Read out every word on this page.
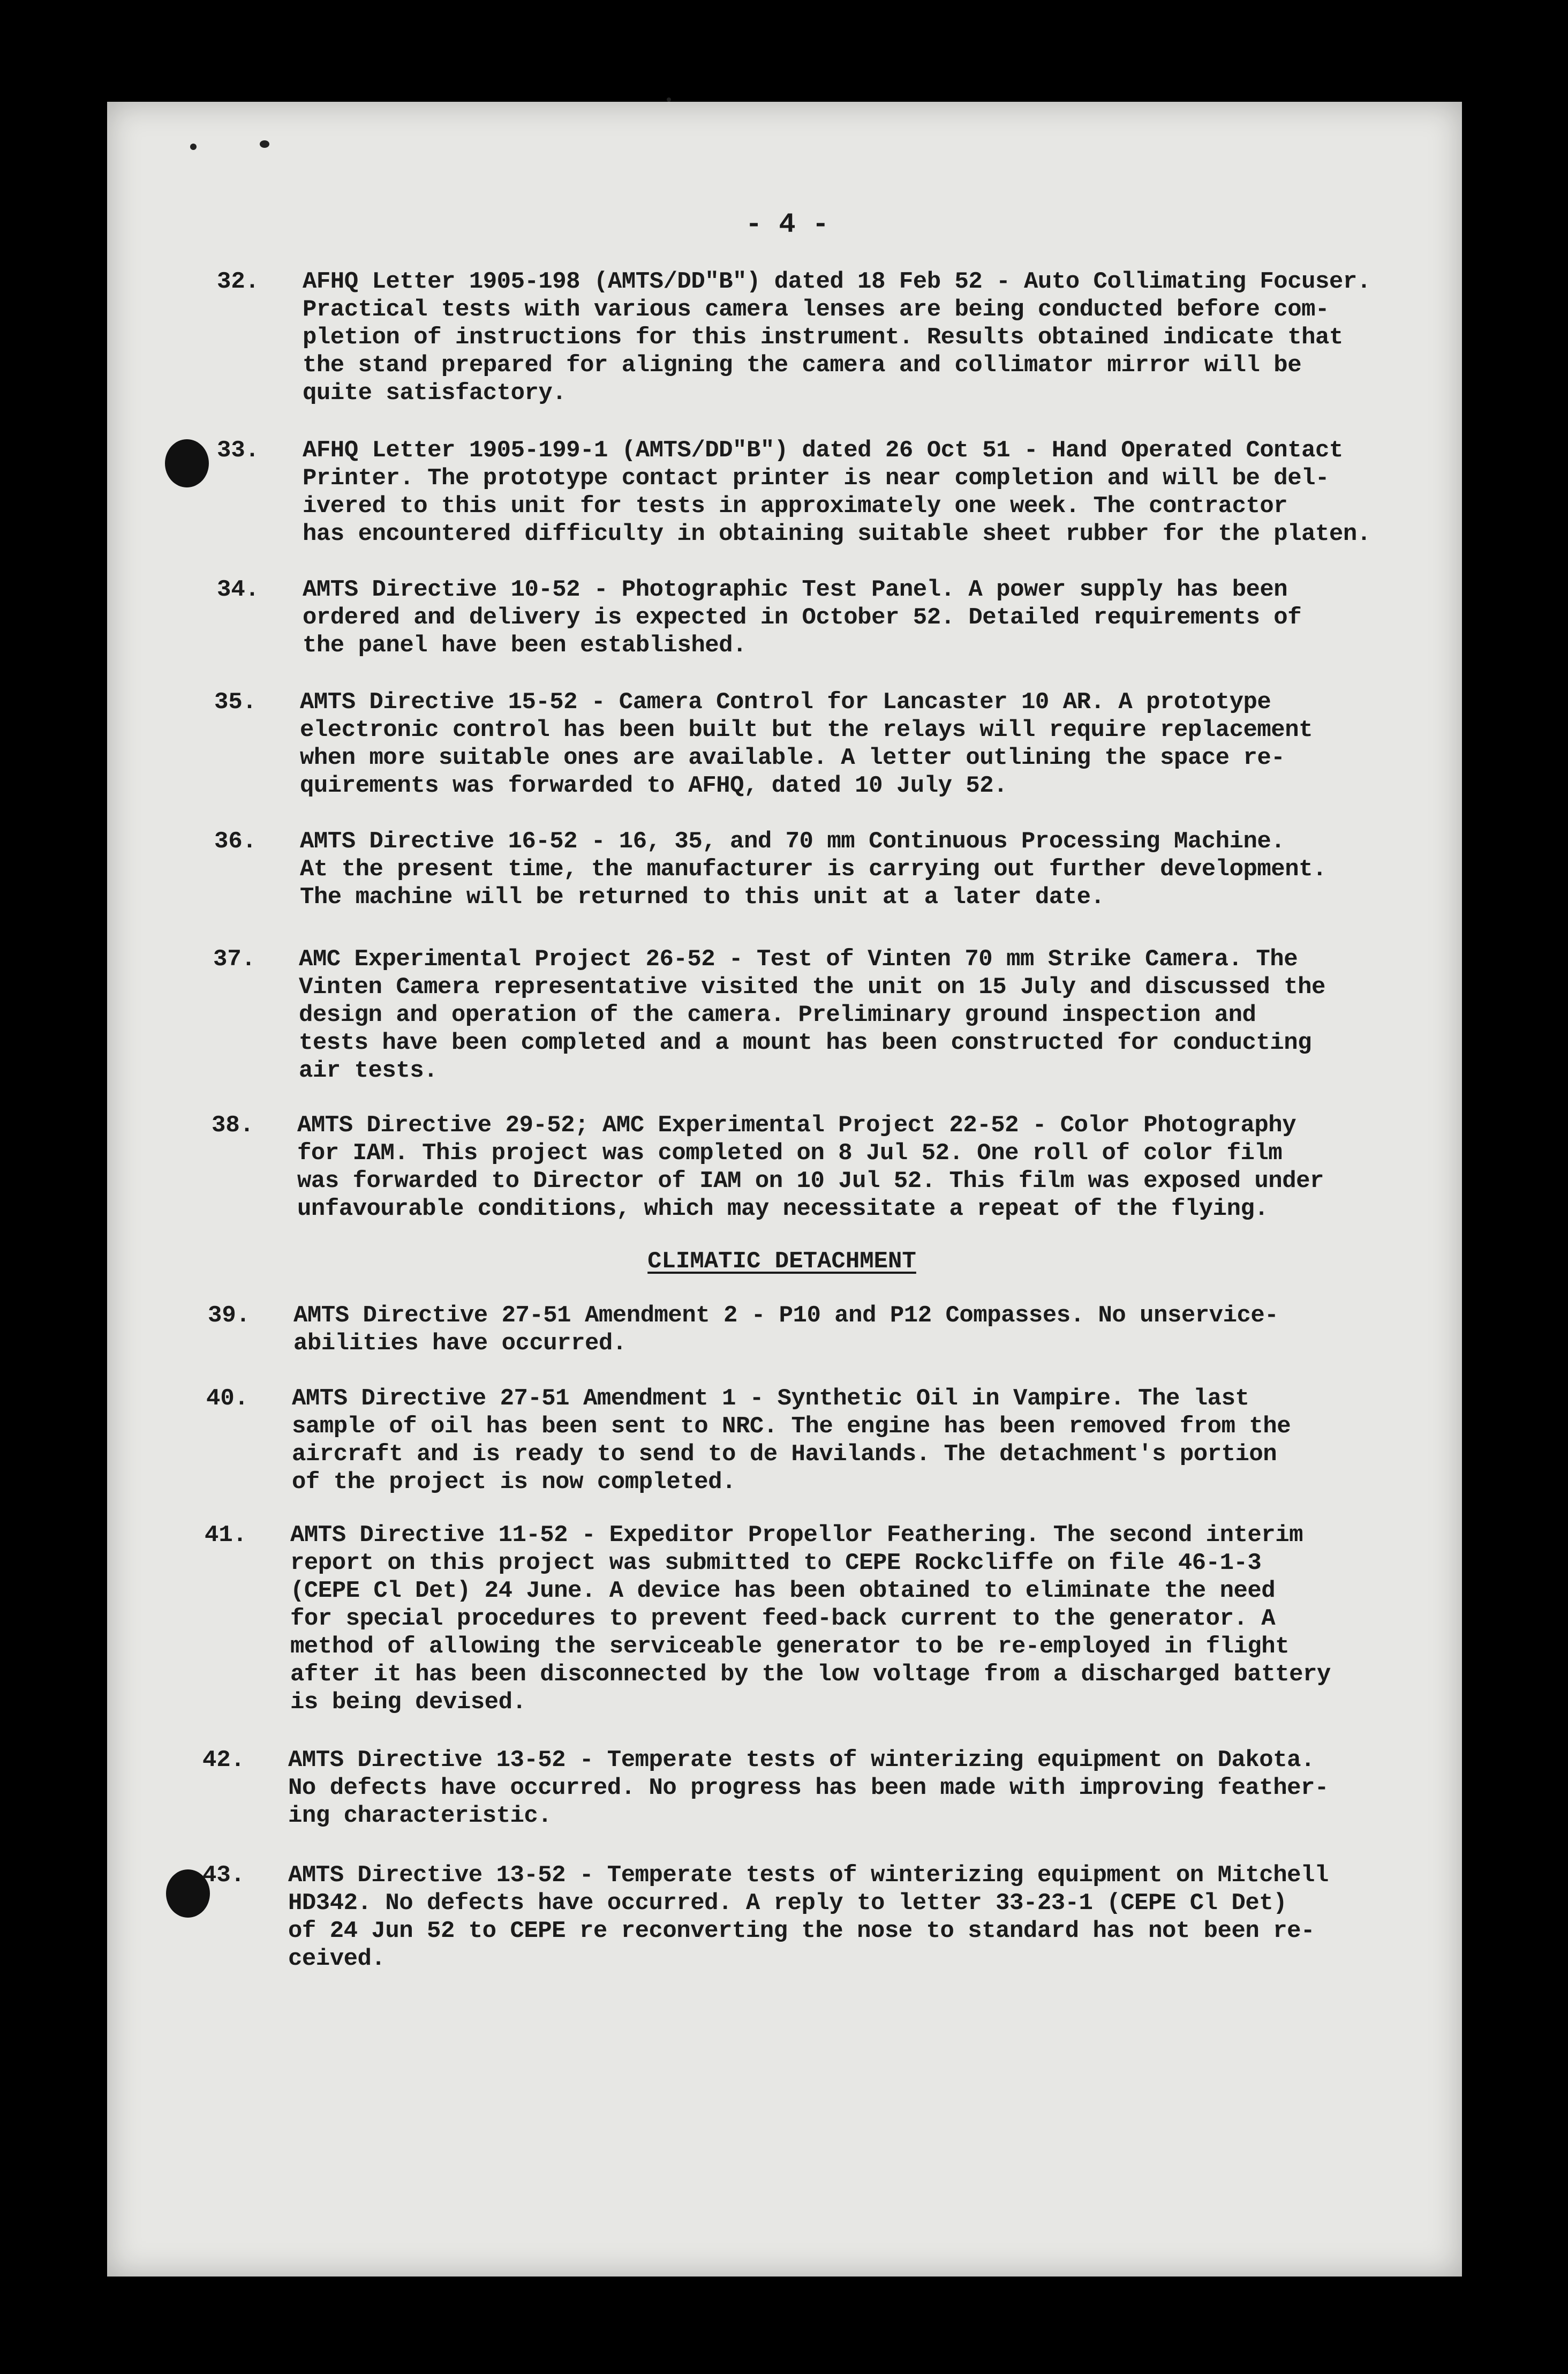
- 4 -
32.	AFHQ Letter 1905-198 (AMTS/DD"B") dated 18 Feb 52 - Auto Collimating Focuser.
Practical tests with various camera lenses are being conducted before com-
pletion of instructions for this instrument. Results obtained indicate that
the stand prepared for aligning the camera and collimator mirror will be
quite satisfactory.
33.	AFHQ Letter 1905-199-1 (AMTS/DD"B") dated 26 Oct 51 - Hand Operated Contact
Printer. The prototype contact printer is near completion and will be del-
ivered to this unit for tests in approximately one week. The contractor
has encountered difficulty in obtaining suitable sheet rubber for the platen.
34.	AMTS Directive 10-52 - Photographic Test Panel. A power supply has been
ordered and delivery is expected in October 52. Detailed requirements of
the panel have been established.
35.	AMTS Directive 15-52 - Camera Control for Lancaster 10 AR. A prototype
electronic control has been built but the relays will require replacement
when more suitable ones are available. A letter outlining the space re-
quirements was forwarded to AFHQ, dated 10 July 52.
36.	AMTS Directive 16-52 - 16, 35, and 70 mm Continuous Processing Machine.
At the present time, the manufacturer is carrying out further development.
The machine will be returned to this unit at a later date.
37.	AMC Experimental Project 26-52 - Test of Vinten 70 mm Strike Camera. The
Vinten Camera representative visited the unit on 15 July and discussed the
design and operation of the camera. Preliminary ground inspection and
tests have been completed and a mount has been constructed for conducting
air tests.
38.	AMTS Directive 29-52; AMC Experimental Project 22-52 - Color Photography
for IAM. This project was completed on 8 Jul 52. One roll of color film
was forwarded to Director of IAM on 10 Jul 52. This film was exposed under
unfavourable conditions, which may necessitate a repeat of the flying.
CLIMATIC DETACHMENT
39.	AMTS Directive 27-51 Amendment 2 - P10 and P12 Compasses. No unservice-
abilities have occurred.
40.	AMTS Directive 27-51 Amendment 1 - Synthetic Oil in Vampire. The last
sample of oil has been sent to NRC. The engine has been removed from the
aircraft and is ready to send to de Havilands. The detachment's portion
of the project is now completed.
41.	AMTS Directive 11-52 - Expeditor Propellor Feathering. The second interim
report on this project was submitted to CEPE Rockcliffe on file 46-1-3
(CEPE Cl Det) 24 June. A device has been obtained to eliminate the need
for special procedures to prevent feed-back current to the generator. A
method of allowing the serviceable generator to be re-employed in flight
after it has been disconnected by the low voltage from a discharged battery
is being devised.
42.	AMTS Directive 13-52 - Temperate tests of winterizing equipment on Dakota.
No defects have occurred. No progress has been made with improving feather-
ing characteristic.
43.	AMTS Directive 13-52 - Temperate tests of winterizing equipment on Mitchell
HD342. No defects have occurred. A reply to letter 33-23-1 (CEPE Cl Det)
of 24 Jun 52 to CEPE re reconverting the nose to standard has not been re-
ceived.
